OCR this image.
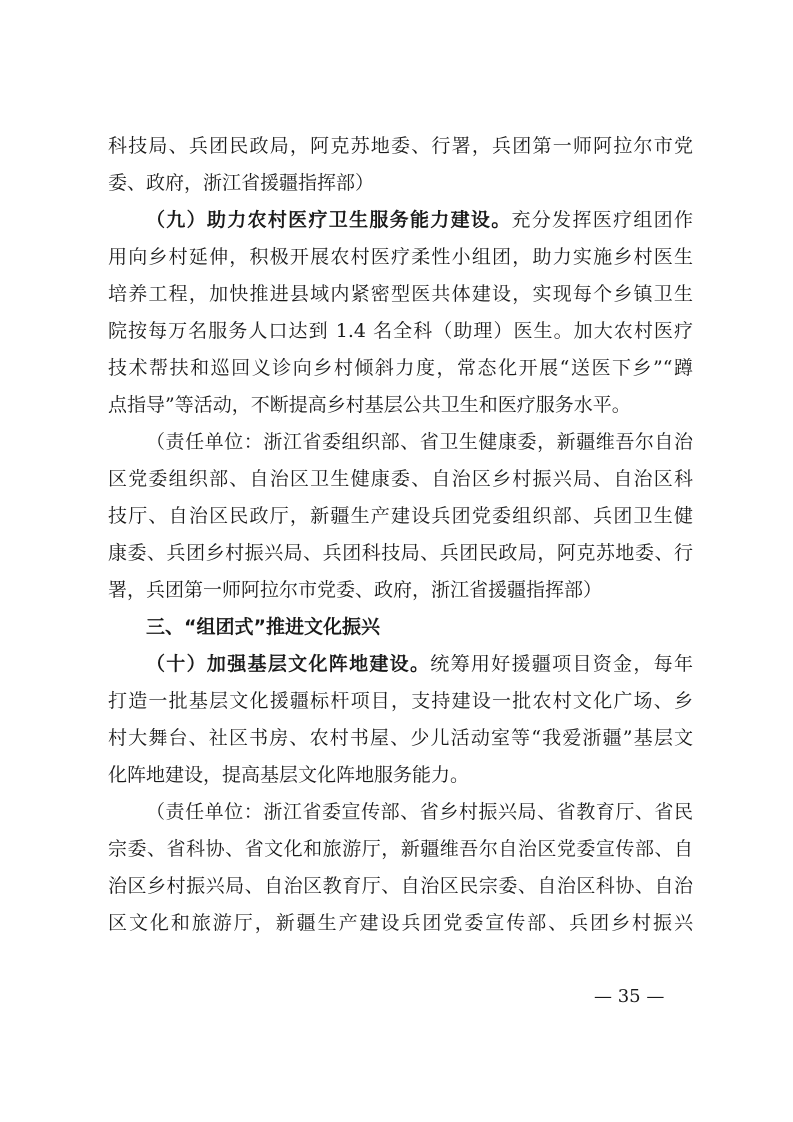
科技局、兵团民政局，阿克苏地委、行署，兵团第一师阿拉尔市党
委、政府，浙江省援疆指挥部）
（九）助力农村医疗卫生服务能力建设。充分发挥医疗组团作
用向乡村延伸，积极开展农村医疗柔性小组团，助力实施乡村医生
培养工程，加快推进县域内紧密型医共体建设，实现每个乡镇卫生
院按每万名服务人口达到 1.4 名全科（助理）医生。加大农村医疗
技术帮扶和巡回义诊向乡村倾斜力度，常态化开展“送医下乡”“蹲
点指导”等活动，不断提高乡村基层公共卫生和医疗服务水平。
（责任单位：浙江省委组织部、省卫生健康委，新疆维吾尔自治
区党委组织部、自治区卫生健康委、自治区乡村振兴局、自治区科
技厅、自治区民政厅，新疆生产建设兵团党委组织部、兵团卫生健
康委、兵团乡村振兴局、兵团科技局、兵团民政局，阿克苏地委、行
署，兵团第一师阿拉尔市党委、政府，浙江省援疆指挥部）
三、“组团式”推进文化振兴
（十）加强基层文化阵地建设。统筹用好援疆项目资金，每年
打造一批基层文化援疆标杆项目，支持建设一批农村文化广场、乡
村大舞台、社区书房、农村书屋、少儿活动室等“我爱浙疆”基层文
化阵地建设，提高基层文化阵地服务能力。
（责任单位：浙江省委宣传部、省乡村振兴局、省教育厅、省民
宗委、省科协、省文化和旅游厅，新疆维吾尔自治区党委宣传部、自
治区乡村振兴局、自治区教育厅、自治区民宗委、自治区科协、自治
区文化和旅游厅，新疆生产建设兵团党委宣传部、兵团乡村振兴
— 35 —
